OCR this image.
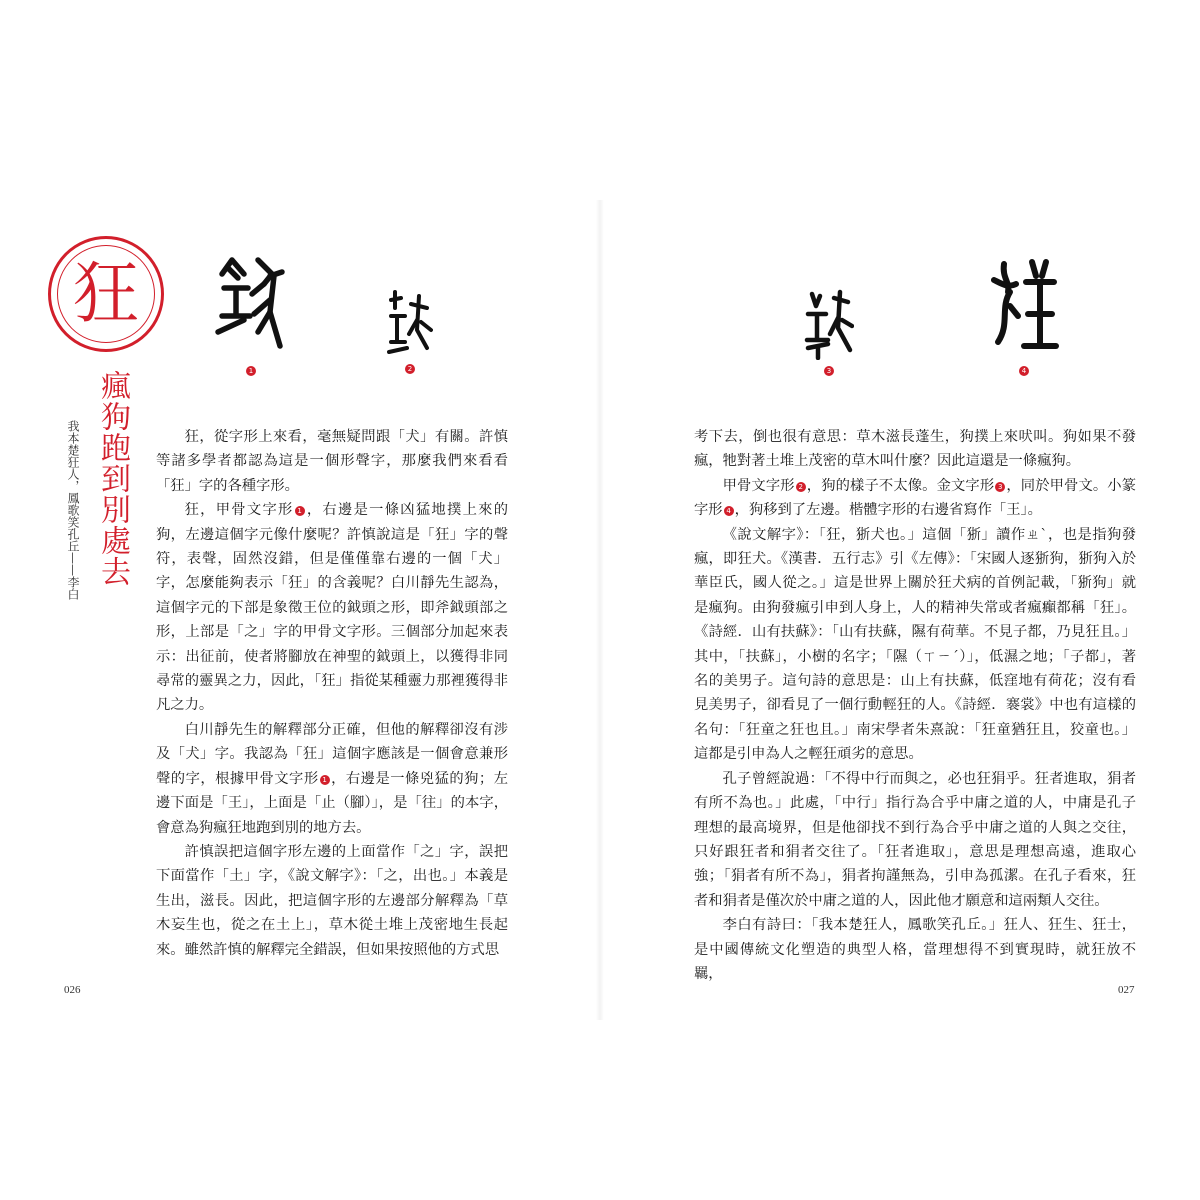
狂
瘋狗跑到別處去
我本楚狂人，鳳歌笑孔丘——李白
1	2

狂，從字形上來看，毫無疑問跟「犬」有關。許慎等諸多學者都認為這是一個形聲字，那麼我們來看看「狂」字的各種字形。

狂，甲骨文字形 1 ，右邊是一條凶猛地撲上來的狗，左邊這個字元像什麼呢？許慎說這是「狂」字的聲符，表聲，固然沒錯，但是僅僅靠右邊的一個「犬」字，怎麼能夠表示「狂」的含義呢？白川靜先生認為，這個字元的下部是象徵王位的鉞頭之形，即斧鉞頭部之形，上部是「之」字的甲骨文字形。三個部分加起來表示：出征前，使者將腳放在神聖的鉞頭上，以獲得非同尋常的靈異之力，因此，「狂」指從某種靈力那裡獲得非凡之力。

白川靜先生的解釋部分正確，但他的解釋卻沒有涉及「犬」字。我認為「狂」這個字應該是一個會意兼形聲的字，根據甲骨文字形 1 ，右邊是一條兇猛的狗；左邊下面是「王」，上面是「止（腳）」，是「往」的本字，會意為狗瘋狂地跑到別的地方去。

許慎誤把這個字形左邊的上面當作「之」字，誤把下面當作「土」字，《說文解字》：「之，出也。」本義是生出，滋長。因此，把這個字形的左邊部分解釋為「草木妄生也，從之在土上」，草木從土堆上茂密地生長起來。雖然許慎的解釋完全錯誤，但如果按照他的方式思

026
3	4

考下去，倒也很有意思：草木滋長蓬生，狗撲上來吠叫。狗如果不發瘋，牠對著土堆上茂密的草木叫什麼？因此這還是一條瘋狗。

甲骨文字形 2 ，狗的樣子不太像。金文字形 3 ，同於甲骨文。小篆字形 4 ，狗移到了左邊。楷體字形的右邊省寫作「王」。

《說文解字》：「狂，狾犬也。」這個「狾」讀作ㄓˋ，也是指狗發瘋，即狂犬。《漢書．五行志》引《左傳》：「宋國人逐狾狗，狾狗入於華臣氏，國人從之。」這是世界上關於狂犬病的首例記載，「狾狗」就是瘋狗。由狗發瘋引申到人身上，人的精神失常或者瘋癲都稱「狂」。《詩經．山有扶蘇》：「山有扶蘇，隰有荷華。不見子都，乃見狂且。」其中，「扶蘇」，小樹的名字；「隰（ㄒㄧˊ）」，低濕之地；「子都」，著名的美男子。這句詩的意思是：山上有扶蘇，低窪地有荷花；沒有看見美男子，卻看見了一個行動輕狂的人。《詩經．褰裳》中也有這樣的名句：「狂童之狂也且。」南宋學者朱熹說：「狂童猶狂且，狡童也。」這都是引申為人之輕狂頑劣的意思。

孔子曾經說過：「不得中行而與之，必也狂狷乎。狂者進取，狷者有所不為也。」此處，「中行」指行為合乎中庸之道的人，中庸是孔子理想的最高境界，但是他卻找不到行為合乎中庸之道的人與之交往，只好跟狂者和狷者交往了。「狂者進取」，意思是理想高遠，進取心強；「狷者有所不為」，狷者拘謹無為，引申為孤潔。在孔子看來，狂者和狷者是僅次於中庸之道的人，因此他才願意和這兩類人交往。

李白有詩曰：「我本楚狂人，鳳歌笑孔丘。」狂人、狂生、狂士，是中國傳統文化塑造的典型人格，當理想得不到實現時，就狂放不羈，

027
